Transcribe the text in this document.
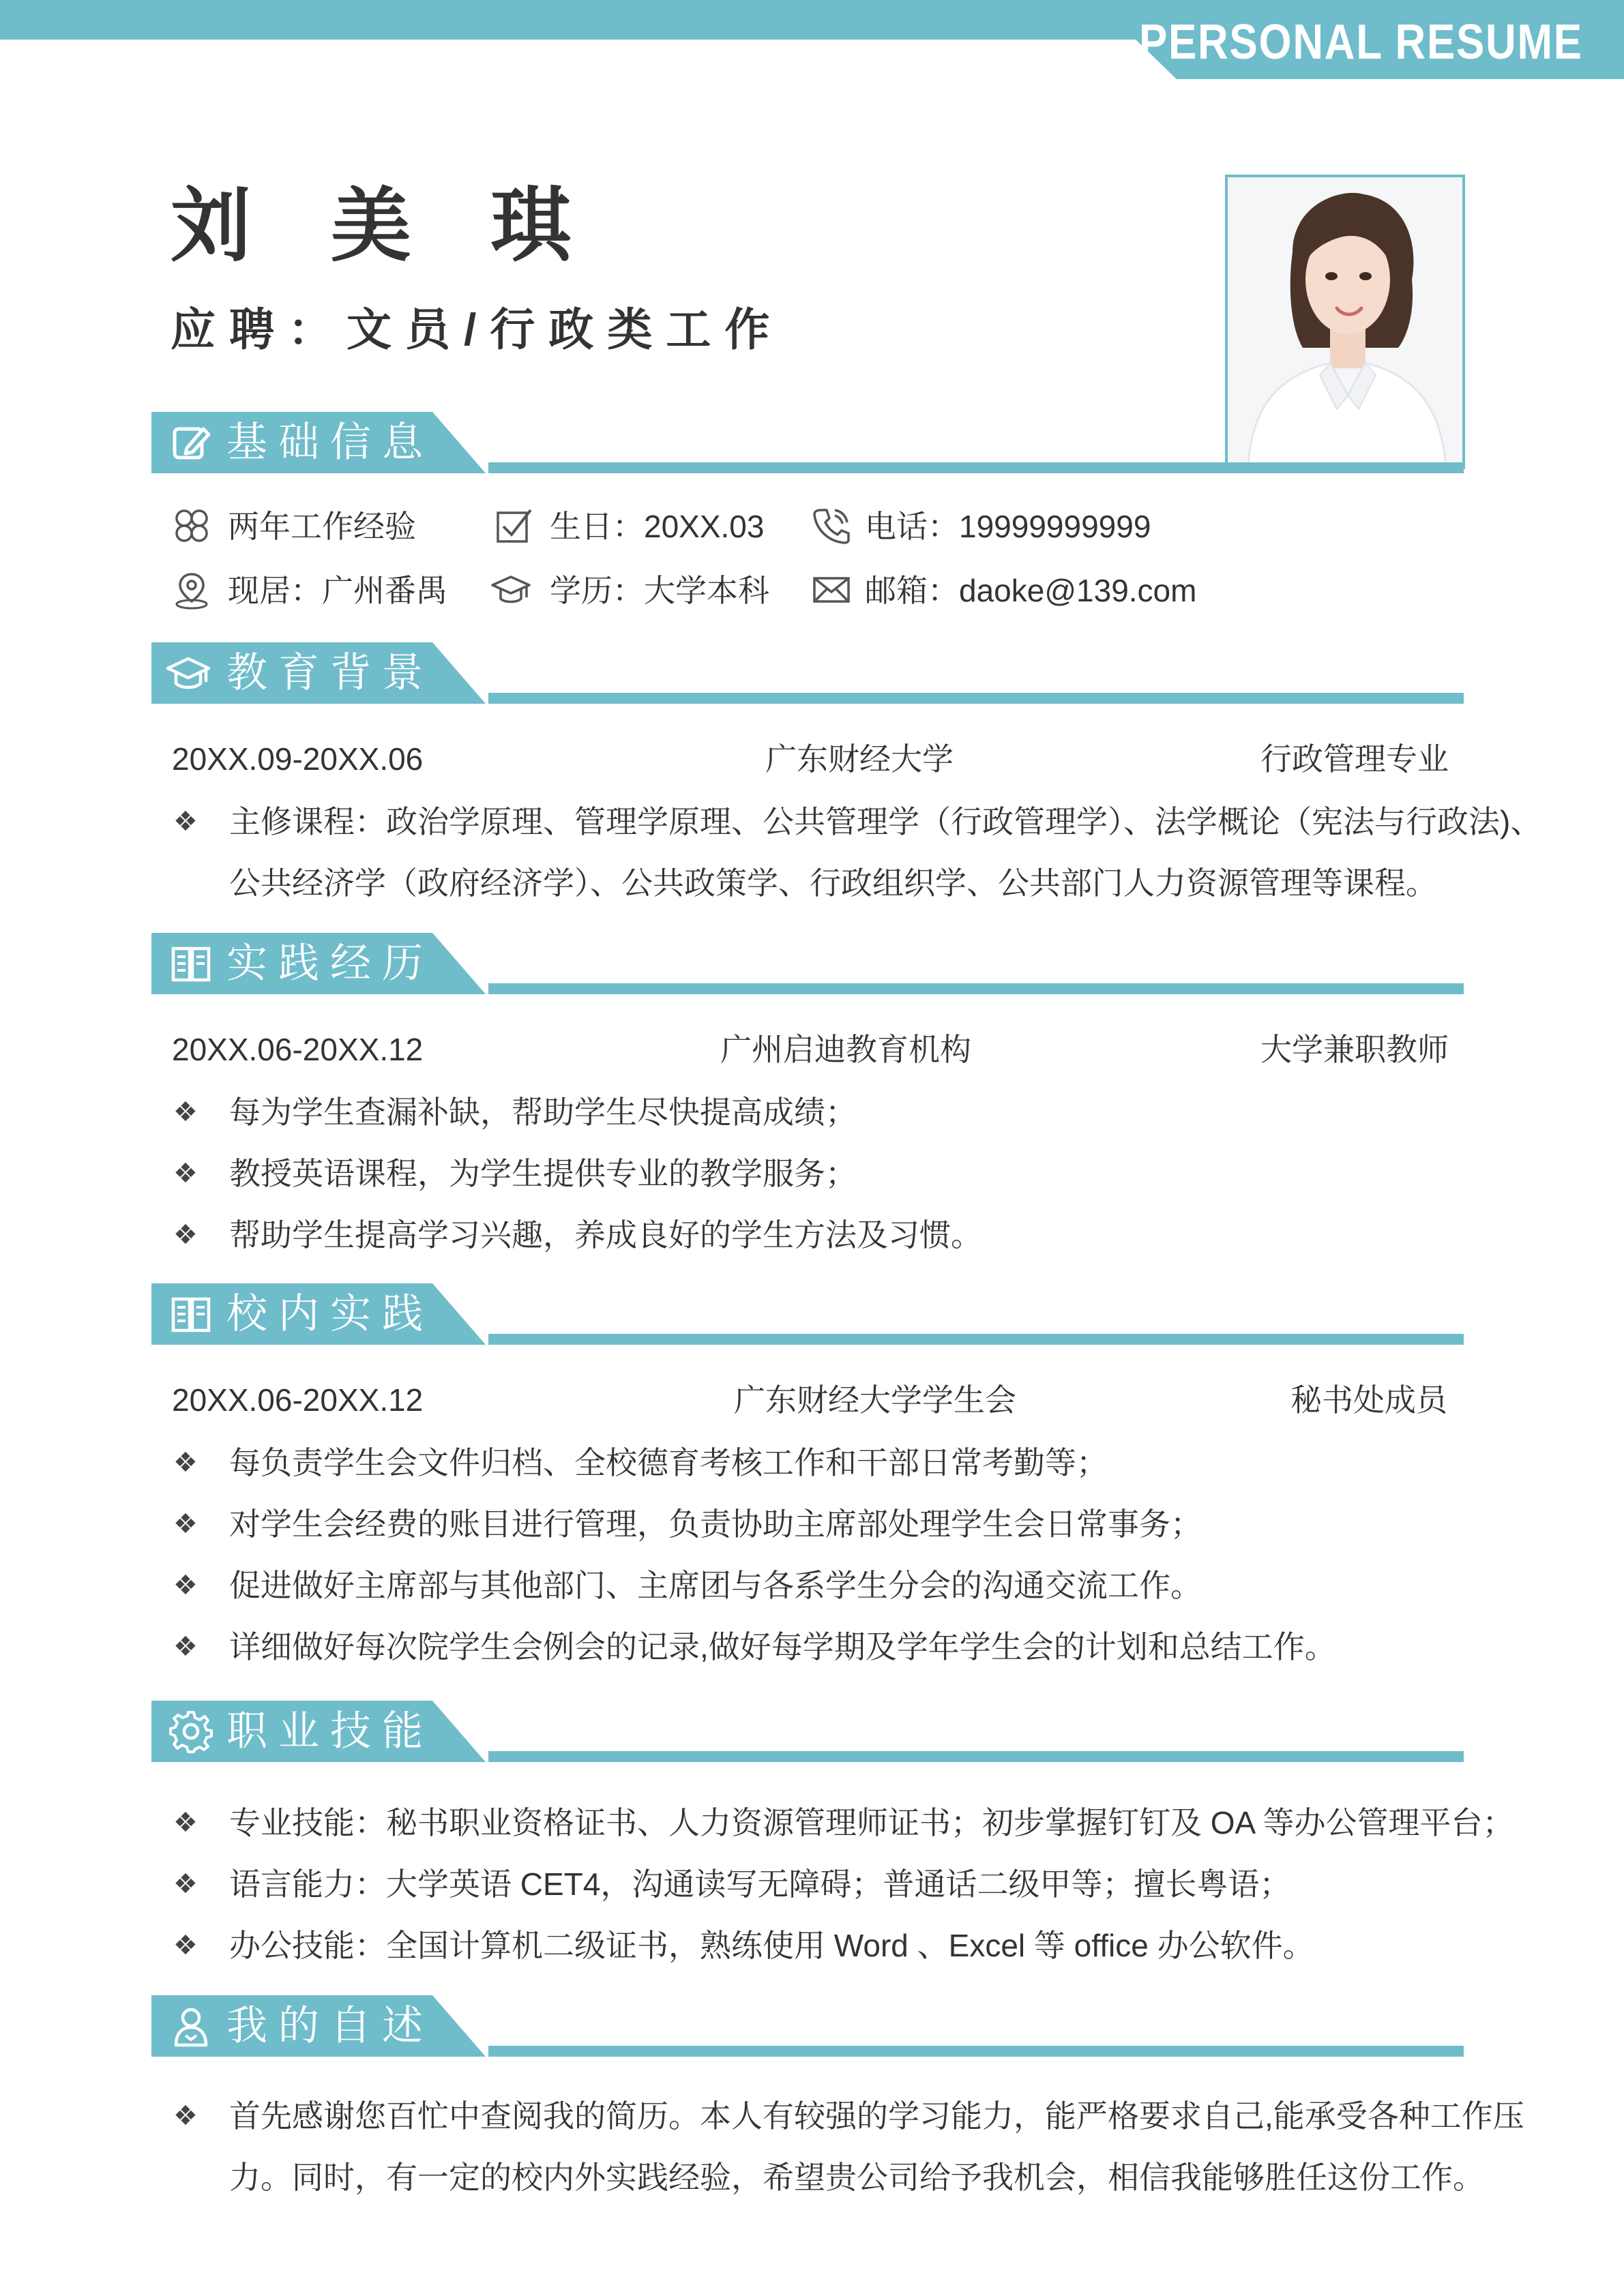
PERSONAL RESUME
刘 美 琪
应聘：文员/行政类工作
基础信息
两年工作经验	生日：20XX.03	电话：19999999999
现居：广州番禺	学历：大学本科	邮箱：daoke@139.com
教育背景
20XX.09-20XX.06	广东财经大学	行政管理专业
❖ 主修课程：政治学原理、管理学原理、公共管理学（行政管理学）、法学概论（宪法与行政法)、
公共经济学（政府经济学）、公共政策学、行政组织学、公共部门人力资源管理等课程。
实践经历
20XX.06-20XX.12	广州启迪教育机构	大学兼职教师
❖ 每为学生查漏补缺，帮助学生尽快提高成绩；
❖ 教授英语课程，为学生提供专业的教学服务；
❖ 帮助学生提高学习兴趣，养成良好的学生方法及习惯。
校内实践
20XX.06-20XX.12	广东财经大学学生会	秘书处成员
❖ 每负责学生会文件归档、全校德育考核工作和干部日常考勤等；
❖ 对学生会经费的账目进行管理，负责协助主席部处理学生会日常事务；
❖ 促进做好主席部与其他部门、主席团与各系学生分会的沟通交流工作。
❖ 详细做好每次院学生会例会的记录,做好每学期及学年学生会的计划和总结工作。
职业技能
❖ 专业技能：秘书职业资格证书、人力资源管理师证书；初步掌握钉钉及 OA 等办公管理平台；
❖ 语言能力：大学英语 CET4，沟通读写无障碍；普通话二级甲等；擅长粤语；
❖ 办公技能：全国计算机二级证书，熟练使用 Word 、Excel 等 office 办公软件。
我的自述
❖ 首先感谢您百忙中查阅我的简历。本人有较强的学习能力，能严格要求自己,能承受各种工作压
力。同时，有一定的校内外实践经验，希望贵公司给予我机会，相信我能够胜任这份工作。
